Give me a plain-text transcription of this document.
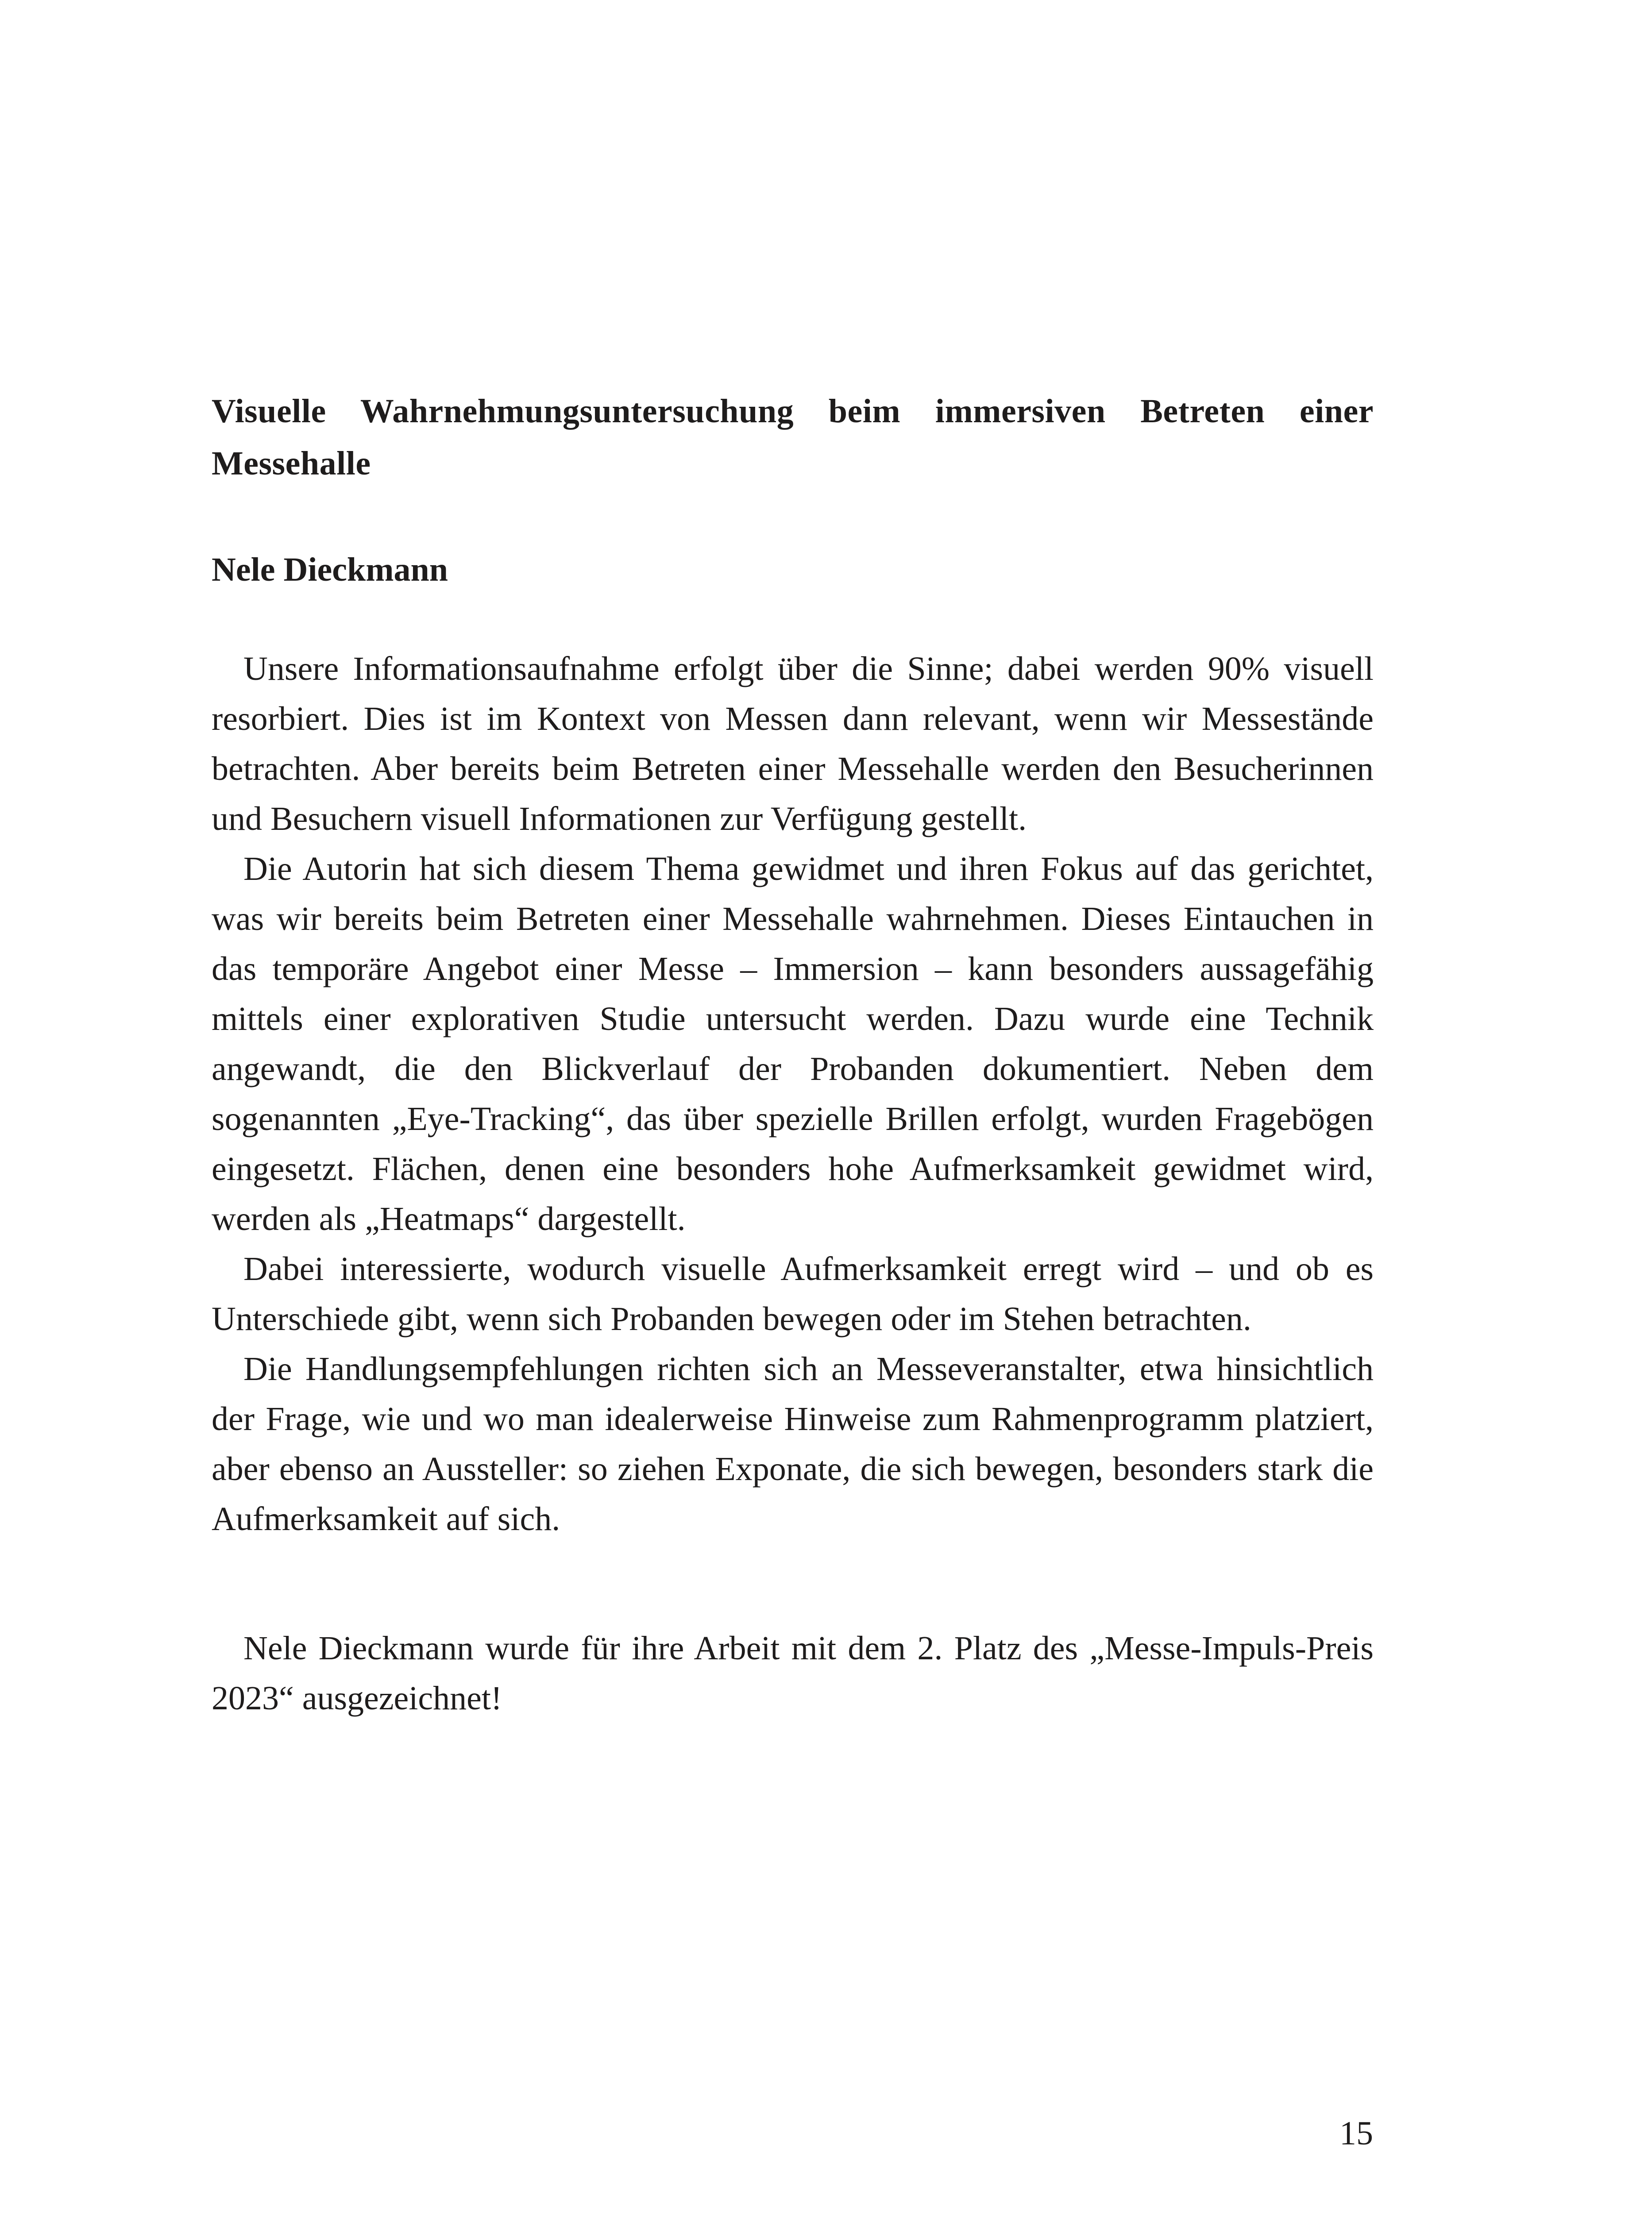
Visuelle Wahrnehmungsuntersuchung beim immersiven Betreten einer Messehalle
Nele Dieckmann

Unsere Informationsaufnahme erfolgt über die Sinne; dabei werden 90% visuell resorbiert. Dies ist im Kontext von Messen dann relevant, wenn wir Messestände betrachten. Aber bereits beim Betreten einer Messehalle werden den Besucherinnen und Besuchern visuell Informationen zur Verfügung gestellt.

Die Autorin hat sich diesem Thema gewidmet und ihren Fokus auf das gerichtet, was wir bereits beim Betreten einer Messehalle wahrnehmen. Dieses Eintauchen in das temporäre Angebot einer Messe – Immersion – kann besonders aussagefähig mittels einer explorativen Studie untersucht werden. Dazu wurde eine Technik angewandt, die den Blickverlauf der Probanden dokumentiert. Neben dem sogenannten „Eye-Tracking“, das über spezielle Brillen erfolgt, wurden Fragebögen eingesetzt. Flächen, denen eine besonders hohe Aufmerksamkeit gewidmet wird, werden als „Heatmaps“ dargestellt.

Dabei interessierte, wodurch visuelle Aufmerksamkeit erregt wird – und ob es Unterschiede gibt, wenn sich Probanden bewegen oder im Stehen betrachten.

Die Handlungsempfehlungen richten sich an Messeveranstalter, etwa hinsichtlich der Frage, wie und wo man idealerweise Hinweise zum Rahmenprogramm platziert, aber ebenso an Aussteller: so ziehen Exponate, die sich bewegen, besonders stark die Aufmerksamkeit auf sich.

Nele Dieckmann wurde für ihre Arbeit mit dem 2. Platz des „Messe-Impuls-Preis 2023“ ausgezeichnet!

15
